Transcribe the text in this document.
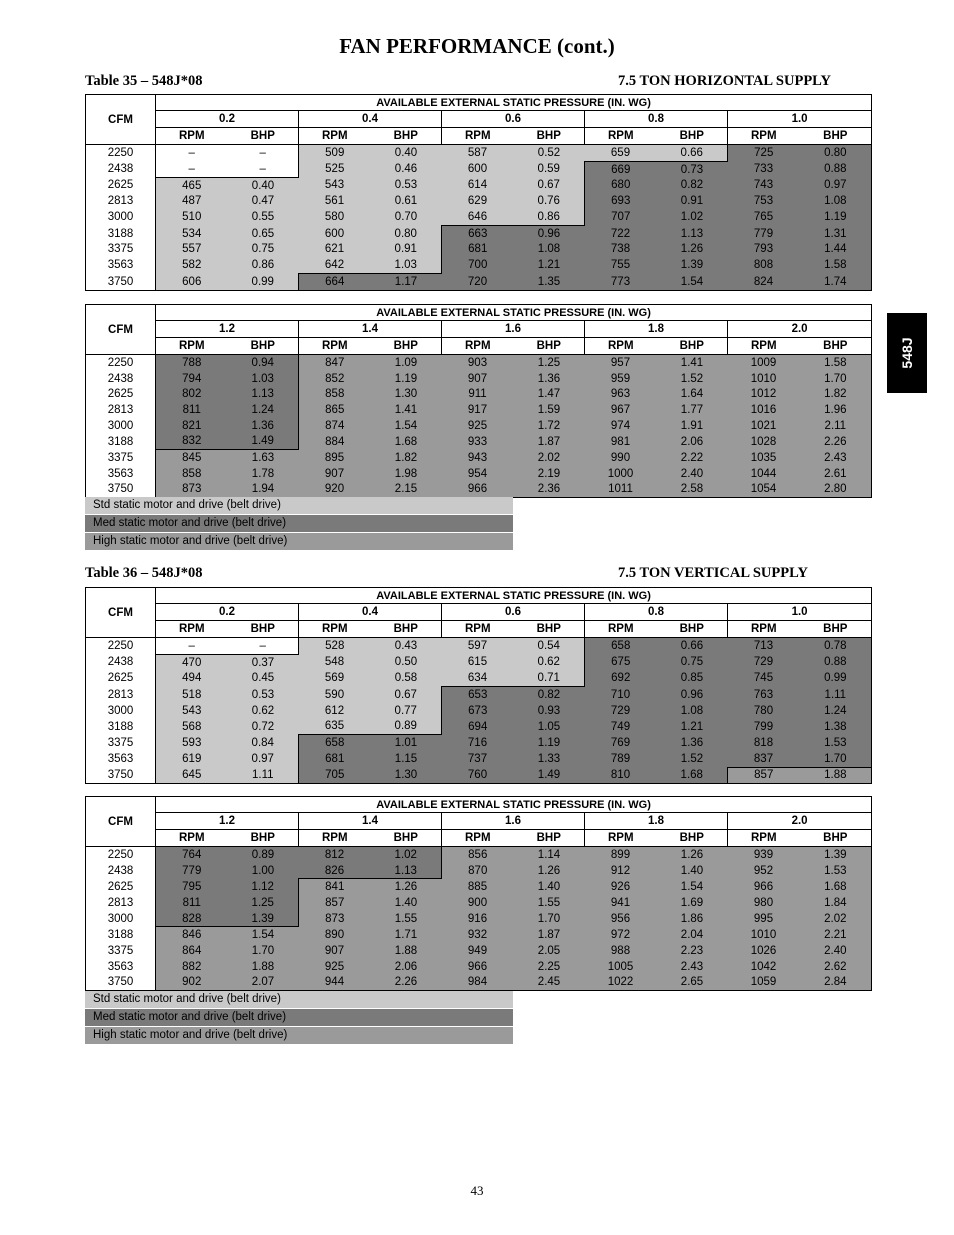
FAN PERFORMANCE (cont.)
Table 35 – 548J*08	7.5 TON HORIZONTAL SUPPLY
CFM	AVAILABLE EXTERNAL STATIC PRESSURE (IN. WG)									
	0.2		0.4		0.6		0.8		1.0	
	RPM	BHP	RPM	BHP	RPM	BHP	RPM	BHP	RPM	BHP
2250	–	–	509	0.40	587	0.52	659	0.66	725	0.80
2438	–	–	525	0.46	600	0.59	669	0.73	733	0.88
2625	465	0.40	543	0.53	614	0.67	680	0.82	743	0.97
2813	487	0.47	561	0.61	629	0.76	693	0.91	753	1.08
3000	510	0.55	580	0.70	646	0.86	707	1.02	765	1.19
3188	534	0.65	600	0.80	663	0.96	722	1.13	779	1.31
3375	557	0.75	621	0.91	681	1.08	738	1.26	793	1.44
3563	582	0.86	642	1.03	700	1.21	755	1.39	808	1.58
3750	606	0.99	664	1.17	720	1.35	773	1.54	824	1.74
CFM	AVAILABLE EXTERNAL STATIC PRESSURE (IN. WG)									
	1.2		1.4		1.6		1.8		2.0	
	RPM	BHP	RPM	BHP	RPM	BHP	RPM	BHP	RPM	BHP
2250	788	0.94	847	1.09	903	1.25	957	1.41	1009	1.58
2438	794	1.03	852	1.19	907	1.36	959	1.52	1010	1.70
2625	802	1.13	858	1.30	911	1.47	963	1.64	1012	1.82
2813	811	1.24	865	1.41	917	1.59	967	1.77	1016	1.96
3000	821	1.36	874	1.54	925	1.72	974	1.91	1021	2.11
3188	832	1.49	884	1.68	933	1.87	981	2.06	1028	2.26
3375	845	1.63	895	1.82	943	2.02	990	2.22	1035	2.43
3563	858	1.78	907	1.98	954	2.19	1000	2.40	1044	2.61
3750	873	1.94	920	2.15	966	2.36	1011	2.58	1054	2.80
Std static motor and drive (belt drive)
Med static motor and drive (belt drive)
High static motor and drive (belt drive)
Table 36 – 548J*08	7.5 TON VERTICAL SUPPLY
CFM	AVAILABLE EXTERNAL STATIC PRESSURE (IN. WG)									
	0.2		0.4		0.6		0.8		1.0	
	RPM	BHP	RPM	BHP	RPM	BHP	RPM	BHP	RPM	BHP
2250	–	–	528	0.43	597	0.54	658	0.66	713	0.78
2438	470	0.37	548	0.50	615	0.62	675	0.75	729	0.88
2625	494	0.45	569	0.58	634	0.71	692	0.85	745	0.99
2813	518	0.53	590	0.67	653	0.82	710	0.96	763	1.11
3000	543	0.62	612	0.77	673	0.93	729	1.08	780	1.24
3188	568	0.72	635	0.89	694	1.05	749	1.21	799	1.38
3375	593	0.84	658	1.01	716	1.19	769	1.36	818	1.53
3563	619	0.97	681	1.15	737	1.33	789	1.52	837	1.70
3750	645	1.11	705	1.30	760	1.49	810	1.68	857	1.88
CFM	AVAILABLE EXTERNAL STATIC PRESSURE (IN. WG)									
	1.2		1.4		1.6		1.8		2.0	
	RPM	BHP	RPM	BHP	RPM	BHP	RPM	BHP	RPM	BHP
2250	764	0.89	812	1.02	856	1.14	899	1.26	939	1.39
2438	779	1.00	826	1.13	870	1.26	912	1.40	952	1.53
2625	795	1.12	841	1.26	885	1.40	926	1.54	966	1.68
2813	811	1.25	857	1.40	900	1.55	941	1.69	980	1.84
3000	828	1.39	873	1.55	916	1.70	956	1.86	995	2.02
3188	846	1.54	890	1.71	932	1.87	972	2.04	1010	2.21
3375	864	1.70	907	1.88	949	2.05	988	2.23	1026	2.40
3563	882	1.88	925	2.06	966	2.25	1005	2.43	1042	2.62
3750	902	2.07	944	2.26	984	2.45	1022	2.65	1059	2.84
Std static motor and drive (belt drive)
Med static motor and drive (belt drive)
High static motor and drive (belt drive)
548J
43
